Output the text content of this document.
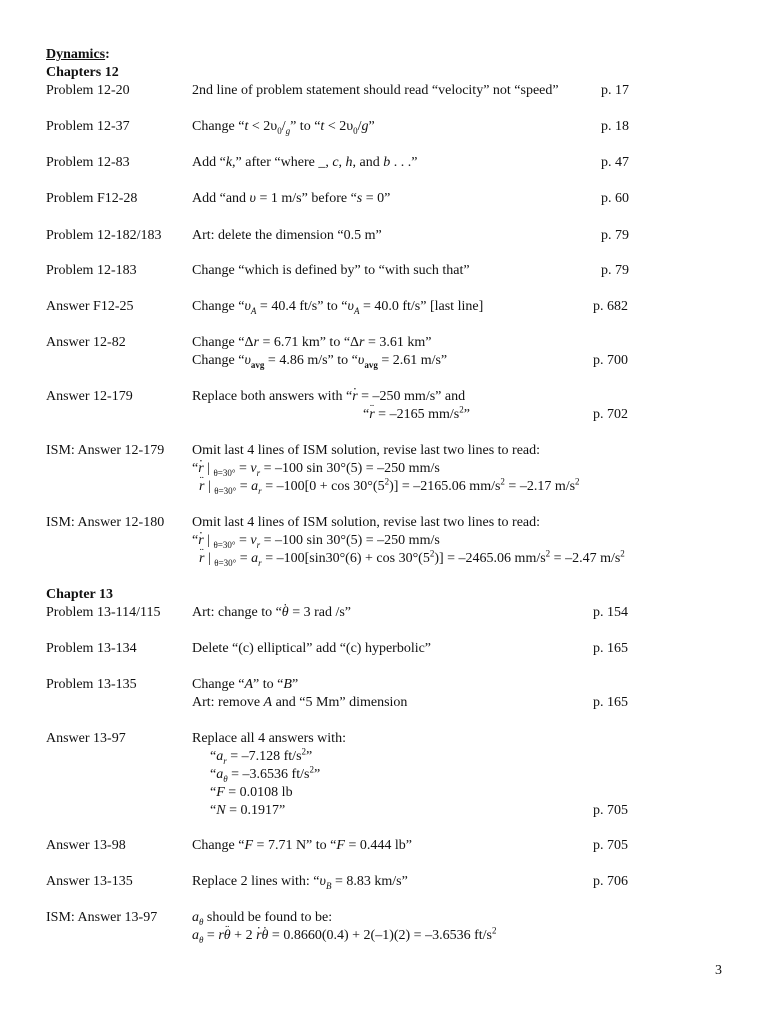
Dynamics:
Chapters 12
Problem 12-20	2nd line of problem statement should read “velocity” not “speed”	p. 17
Problem 12-37	Change “$t < 2\upsilon_0/_g$” to “$t < 2\upsilon_0/g$”	p. 18
Problem 12-83	Add “k,” after “where _, c, h, and b . . .”	p. 47
Problem F12-28	Add “and υ = 1 m/s” before “s = 0”	p. 60
Problem 12-182/183 Art: delete the dimension “0.5 m”	p. 79
Problem 12-183	Change “which is defined by” to “with such that”	p. 79
Answer F12-25	Change “$\upsilon_A = 40.4$ ft/s” to “$\upsilon_A = 40.0$ ft/s” [last line]	p. 682
Answer 12-82	Change “Δr = 6.71 km” to “Δr = 3.61 km”
Change “$\upsilon_{avg} = 4.86$ m/s” to “$\upsilon_{avg} = 2.61$ m/s”	p. 700
Answer 12-179	Replace both answers with “r · = –250 mm/s” and
“r ¨ = –2165 $mm/s^2$”	p. 702
ISM: Answer 12-179 Omit last 4 lines of ISM solution, revise last two lines to read:
“r · | $_{\theta=30^\circ} = v_r = -100$ sin 30°(5) = –250 mm/s
r ¨ | $_{\theta=30^\circ} = a_r = -100[0 + \cos 30^\circ(5^2)] = -2165.06$ $mm/s^2 = -2.17$ $m/s^2$
ISM: Answer 12-180 Omit last 4 lines of ISM solution, revise last two lines to read:
“r · | $_{\theta=30^\circ} = v_r = -100$ sin 30°(5) = –250 mm/s
r ¨ | $_{\theta=30^\circ} = a_r = -100[\sin 30^\circ(6) + \cos 30^\circ(5^2)] = -2465.06$ $mm/s^2 = -2.47$ $m/s^2$
Chapter 13
Problem 13-114/115 Art: change to “θ · = 3 rad /s”	p. 154
Problem 13-134	Delete “(c) elliptical” add “(c) hyperbolic”	p. 165
Problem 13-135	Change “A” to “B”
Art: remove A and “5 Mm” dimension	p. 165
Answer 13-97	Replace all 4 answers with:
“$a_r = -7.128$ $ft/s^2$”
“$a_\theta = -3.6536$ $ft/s^2$”
“F = 0.0108 lb
“N = 0.1917”	p. 705
Answer 13-98	Change “F = 7.71 N” to “F = 0.444 lb”	p. 705
Answer 13-135	Replace 2 lines with: “$\upsilon_B = 8.83$ km/s”	p. 706
ISM: Answer 13-97 $a_\theta$ should be found to be:
$a_\theta = r\theta$ ¨ + 2 r ·θ · = 0.8660(0.4) + 2(–1)(2) = –3.6536 $ft/s^2$
3
